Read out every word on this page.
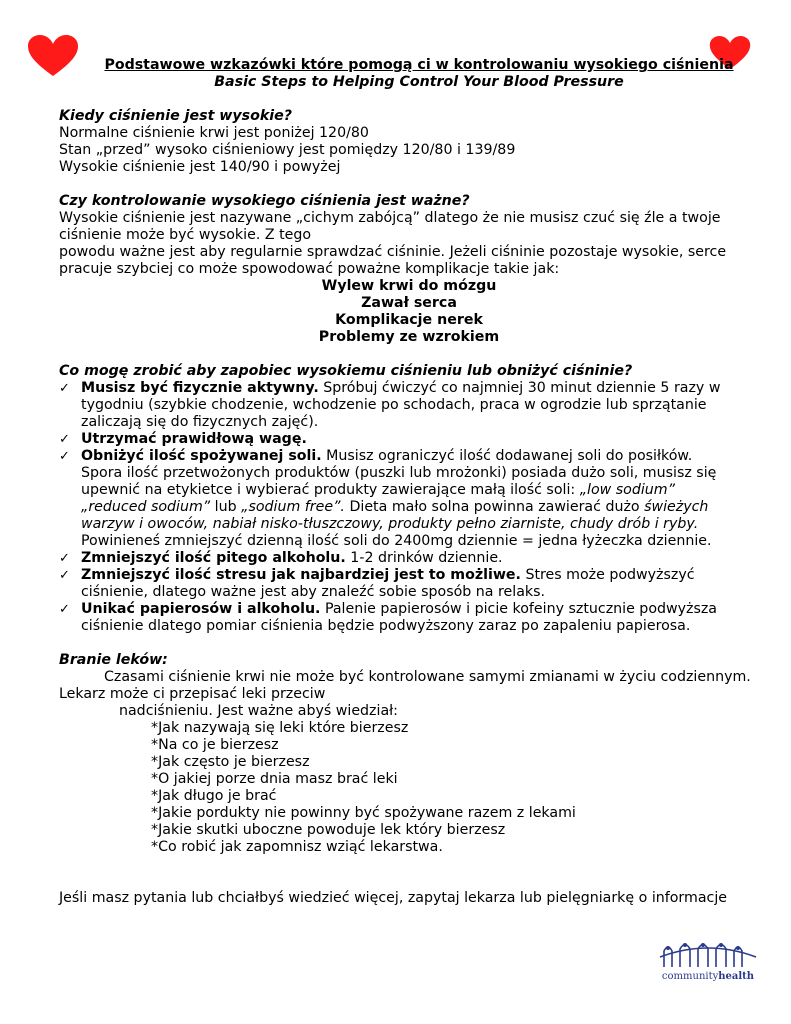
Podstawowe wzkazówki które pomogą ci w kontrolowaniu wysokiego ciśnienia
Basic Steps to Helping Control Your Blood Pressure
Kiedy ciśnienie jest wysokie?
Normalne ciśnienie krwi jest poniżej 120/80
Stan „przed” wysoko ciśnieniowy jest pomiędzy 120/80 i 139/89
Wysokie ciśnienie jest 140/90 i powyżej
Czy kontrolowanie wysokiego ciśnienia jest ważne?
Wysokie ciśnienie jest nazywane „cichym zabójcą” dlatego że nie musisz czuć się źle a twoje
ciśnienie może być wysokie. Z tego
powodu ważne jest aby regularnie sprawdzać ciśninie. Jeżeli ciśninie pozostaje wysokie, serce
pracuje szybciej co może spowodować poważne komplikacje takie jak:
Wylew krwi do mózgu
Zawał serca
Komplikacje nerek
Problemy ze wzrokiem
Co mogę zrobić aby zapobiec wysokiemu ciśnieniu lub obniżyć ciśninie?
✓ Musisz być fizycznie aktywny. Spróbuj ćwiczyć co najmniej 30 minut dziennie 5 razy w
tygodniu (szybkie chodzenie, wchodzenie po schodach, praca w ogrodzie lub sprzątanie
zaliczają się do fizycznych zajęć).
✓ Utrzymać prawidłową wagę.
✓ Obniżyć ilość spożywanej soli. Musisz ograniczyć ilość dodawanej soli do posiłków.
Spora ilość przetwożonych produktów (puszki lub mrożonki) posiada dużo soli, musisz się
upewnić na etykietce i wybierać produkty zawierające małą ilość soli: „low sodium”
„reduced sodium” lub „sodium free”. Dieta mało solna powinna zawierać dużo świeżych
warzyw i owoców, nabiał nisko-tłuszczowy, produkty pełno ziarniste, chudy drób i ryby.
Powinieneś zmniejszyć dzienną ilość soli do 2400mg dziennie = jedna łyżeczka dziennie.
✓ Zmniejszyć ilość pitego alkoholu. 1-2 drinków dziennie.
✓ Zmniejszyć ilość stresu jak najbardziej jest to możliwe. Stres może podwyższyć
ciśnienie, dlatego ważne jest aby znaleźć sobie sposób na relaks.
✓ Unikać papierosów i alkoholu. Palenie papierosów i picie kofeiny sztucznie podwyższa
ciśnienie dlatego pomiar ciśnienia będzie podwyższony zaraz po zapaleniu papierosa.
Branie leków:
Czasami ciśnienie krwi nie może być kontrolowane samymi zmianami w życiu codziennym.
Lekarz może ci przepisać leki przeciw
nadciśnieniu. Jest ważne abyś wiedział:
*Jak nazywają się leki które bierzesz
*Na co je bierzesz
*Jak często je bierzesz
*O jakiej porze dnia masz brać leki
*Jak długo je brać
*Jakie pordukty nie powinny być spożywane razem z lekami
*Jakie skutki uboczne powoduje lek który bierzesz
*Co robić jak zapomnisz wziąć lekarstwa.
Jeśli masz pytania lub chciałbyś wiedzieć więcej, zapytaj lekarza lub pielęgniarkę o informacje
communityhealth
